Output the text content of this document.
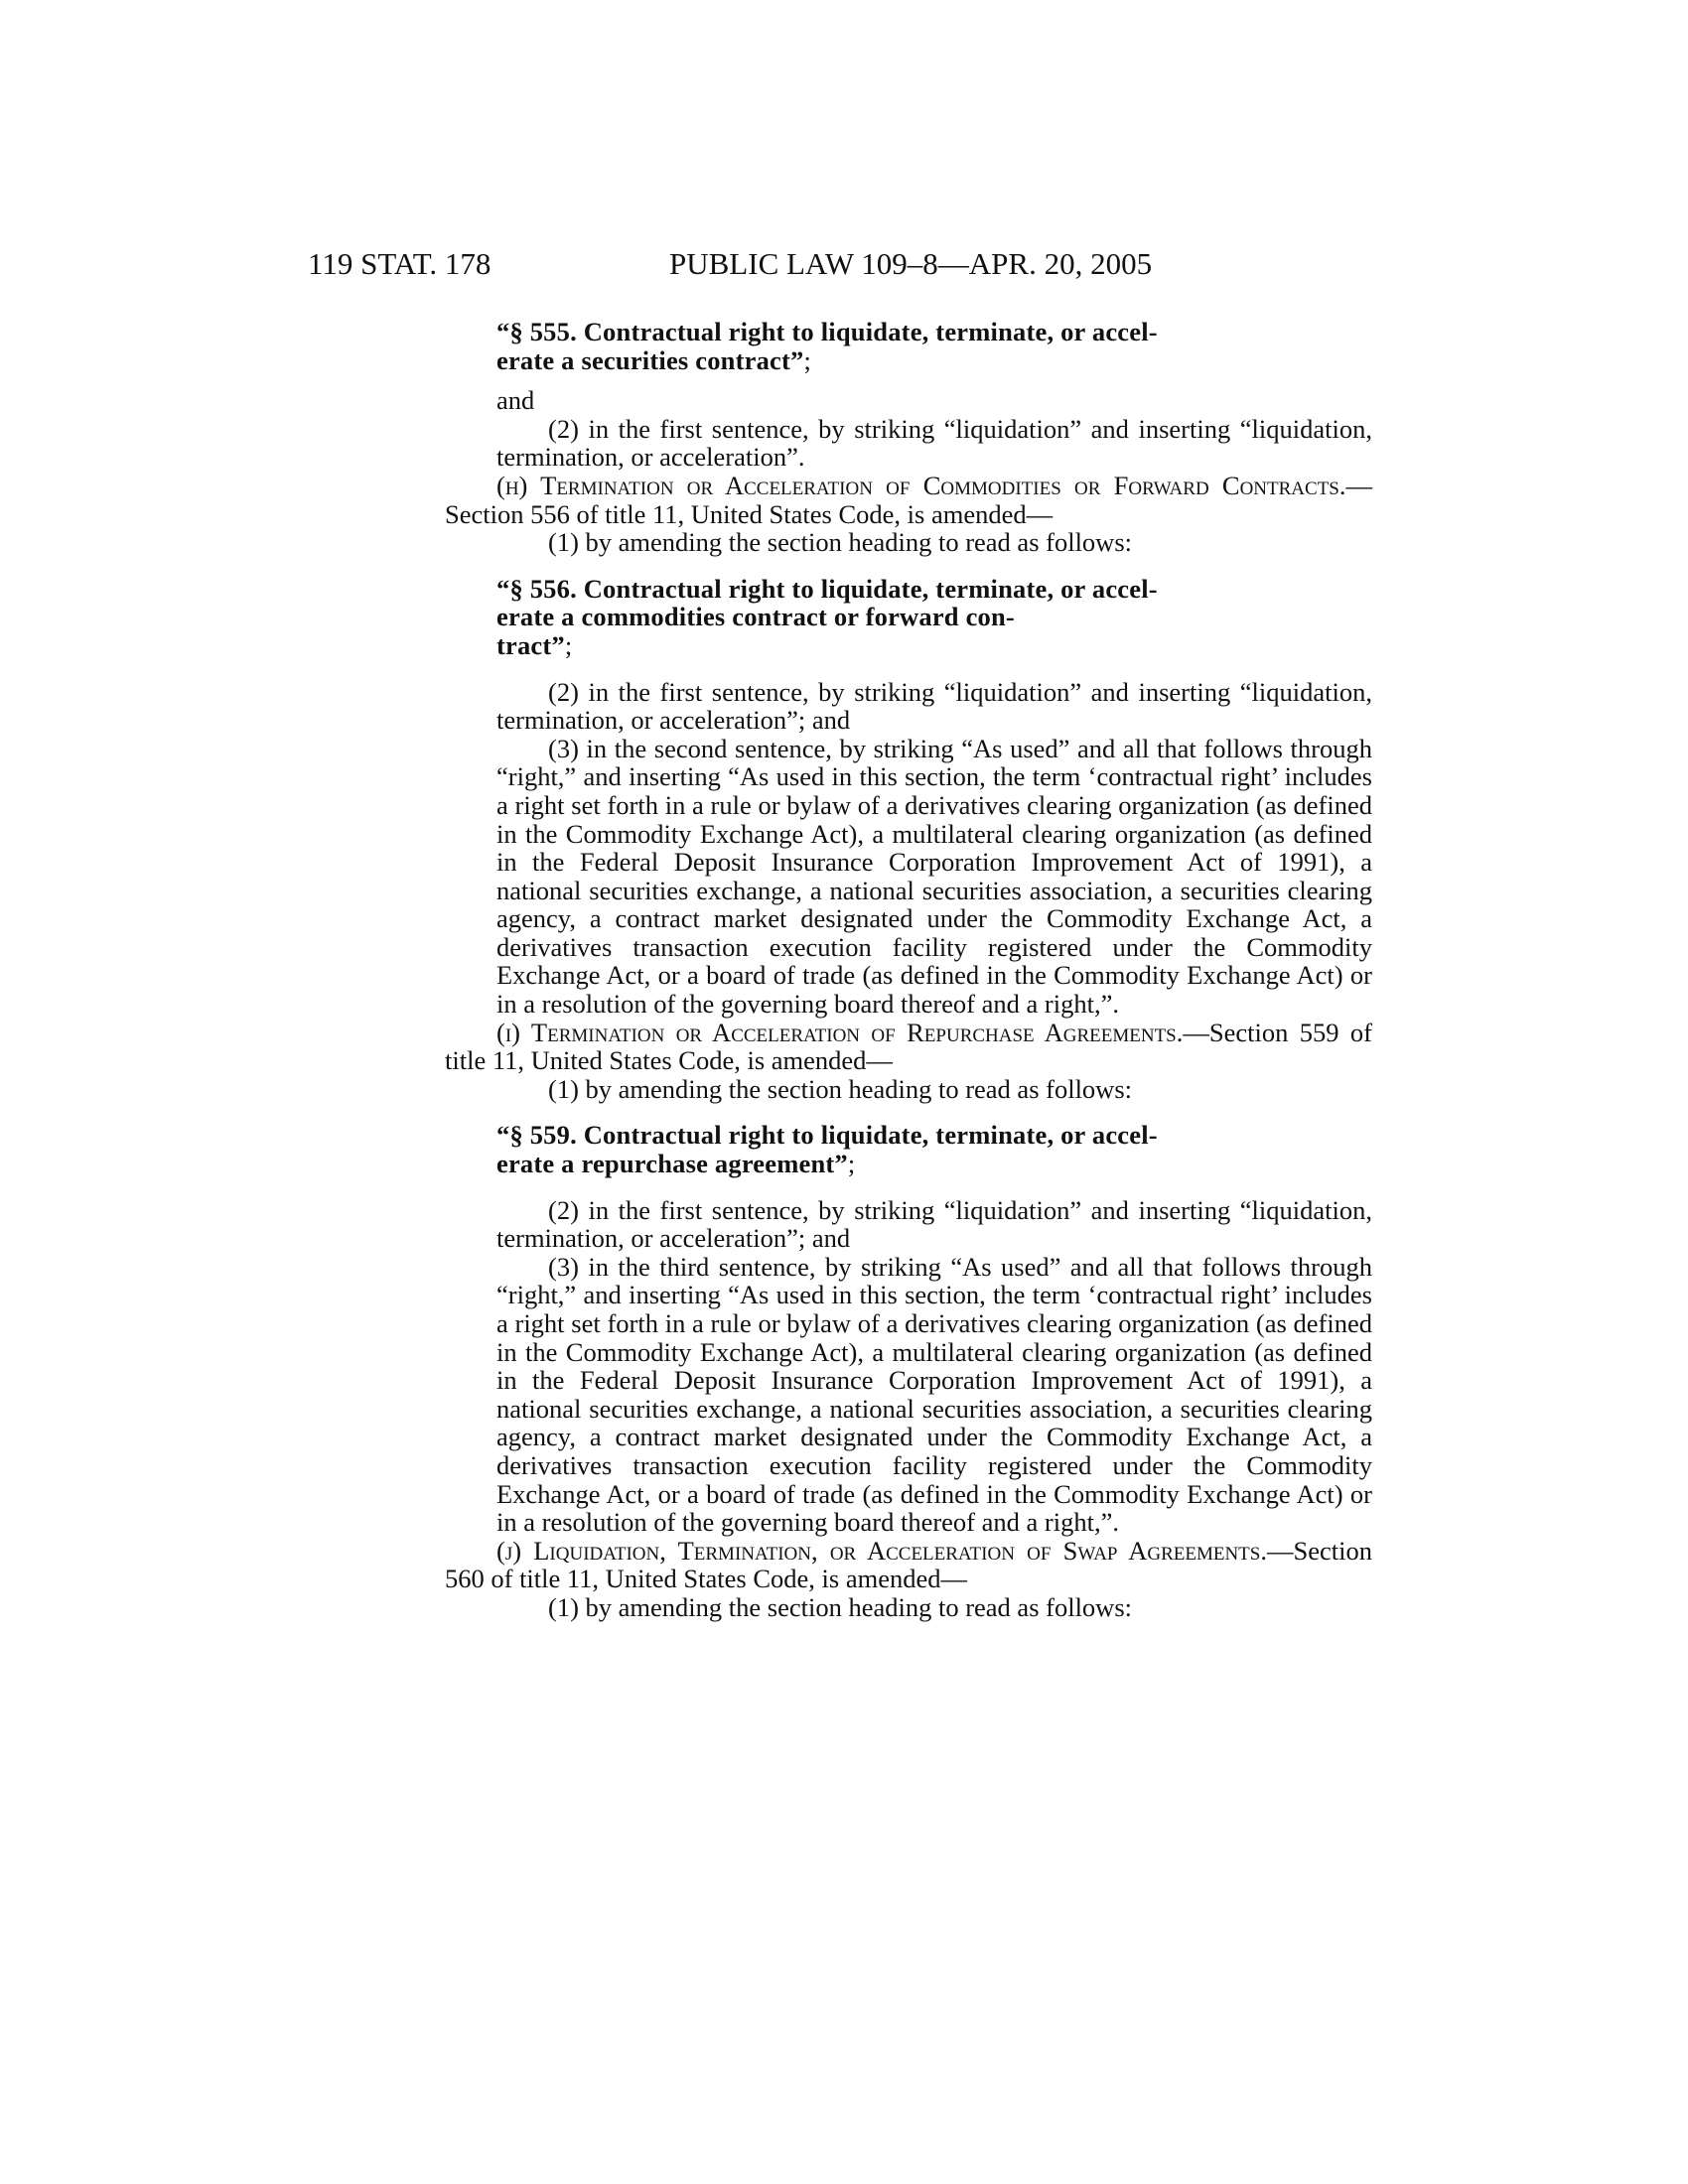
119 STAT. 178	PUBLIC LAW 109–8—APR. 20, 2005
“§ 555. Contractual right to liquidate, terminate, or accel-
erate a securities contract”;

and

(2) in the first sentence, by striking “liquidation” and inserting “liquidation, termination, or acceleration”.

(h) Termination or Acceleration of Commodities or Forward Contracts.—Section 556 of title 11, United States Code, is amended—

(1) by amending the section heading to read as follows:

“§ 556. Contractual right to liquidate, terminate, or accel-
erate a commodities contract or forward con-
tract”;

(2) in the first sentence, by striking “liquidation” and inserting “liquidation, termination, or acceleration”; and

(3) in the second sentence, by striking “As used” and all that follows through “right,” and inserting “As used in this section, the term ‘contractual right’ includes a right set forth in a rule or bylaw of a derivatives clearing organization (as defined in the Commodity Exchange Act), a multilateral clearing organization (as defined in the Federal Deposit Insurance Corporation Improvement Act of 1991), a national securities exchange, a national securities association, a securities clearing agency, a contract market designated under the Commodity Exchange Act, a derivatives transaction execution facility registered under the Commodity Exchange Act, or a board of trade (as defined in the Commodity Exchange Act) or in a resolution of the governing board thereof and a right,”.

(i) Termination or Acceleration of Repurchase Agreements.—Section 559 of title 11, United States Code, is amended—

(1) by amending the section heading to read as follows:

“§ 559. Contractual right to liquidate, terminate, or accel-
erate a repurchase agreement”;

(2) in the first sentence, by striking “liquidation” and inserting “liquidation, termination, or acceleration”; and

(3) in the third sentence, by striking “As used” and all that follows through “right,” and inserting “As used in this section, the term ‘contractual right’ includes a right set forth in a rule or bylaw of a derivatives clearing organization (as defined in the Commodity Exchange Act), a multilateral clearing organization (as defined in the Federal Deposit Insurance Corporation Improvement Act of 1991), a national securities exchange, a national securities association, a securities clearing agency, a contract market designated under the Commodity Exchange Act, a derivatives transaction execution facility registered under the Commodity Exchange Act, or a board of trade (as defined in the Commodity Exchange Act) or in a resolution of the governing board thereof and a right,”.

(j) Liquidation, Termination, or Acceleration of Swap Agreements.—Section 560 of title 11, United States Code, is amended—

(1) by amending the section heading to read as follows:
